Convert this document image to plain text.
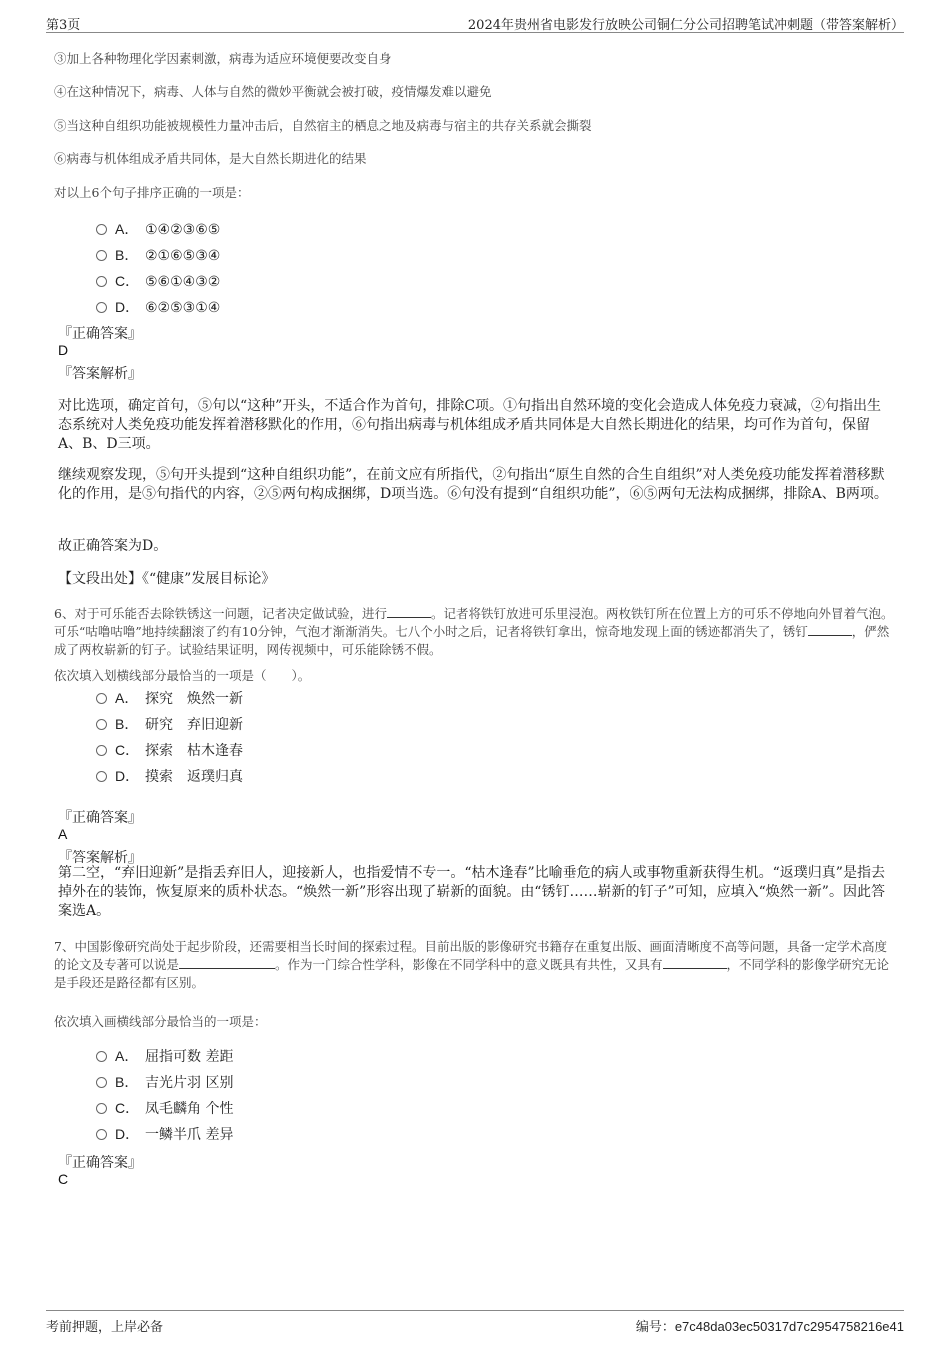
第3页	2024年贵州省电影发行放映公司铜仁分公司招聘笔试冲刺题（带答案解析）
③加上各种物理化学因素刺激，病毒为适应环境便要改变自身
④在这种情况下，病毒、人体与自然的微妙平衡就会被打破，疫情爆发难以避免
⑤当这种自组织功能被规模性力量冲击后，自然宿主的栖息之地及病毒与宿主的共存关系就会撕裂
⑥病毒与机体组成矛盾共同体，是大自然长期进化的结果
对以上6个句子排序正确的一项是：
A． ①④②③⑥⑤
B． ②①⑥⑤③④
C． ⑤⑥①④③②
D． ⑥②⑤③①④
『正确答案』
D
『答案解析』
对比选项，确定首句，⑤句以“这种”开头，不适合作为首句，排除C项。①句指出自然环境的变化会造成人体免疫力衰减，②句指出生态系统对人类免疫功能发挥着潜移默化的作用，⑥句指出病毒与机体组成矛盾共同体是大自然长期进化的结果，均可作为首句，保留A、B、D三项。
继续观察发现，⑤句开头提到“这种自组织功能”，在前文应有所指代，②句指出“原生自然的合生自组织”对人类免疫功能发挥着潜移默化的作用，是⑤句指代的内容，②⑤两句构成捆绑，D项当选。⑥句没有提到“自组织功能”，⑥⑤两句无法构成捆绑，排除A、B两项。
故正确答案为D。
【文段出处】《“健康”发展目标论》
6、对于可乐能否去除铁锈这一问题，记者决定做试验，进行	。记者将铁钉放进可乐里浸泡。两枚铁钉所在位置上方的可乐不停地向外冒着气泡。可乐“咕噜咕噜”地持续翻滚了约有10分钟，气泡才渐渐消失。七八个小时之后，记者将铁钉拿出，惊奇地发现上面的锈迹都消失了，锈钉	，俨然成了两枚崭新的钉子。试验结果证明，网传视频中，可乐能除锈不假。
依次填入划横线部分最恰当的一项是（　　）。
A． 探究　焕然一新
B． 研究　弃旧迎新
C． 探索　枯木逢春
D． 摸索　返璞归真
『正确答案』
A
『答案解析』
第二空，“弃旧迎新”是指丢弃旧人，迎接新人，也指爱情不专一。“枯木逢春”比喻垂危的病人或事物重新获得生机。“返璞归真”是指去掉外在的装饰，恢复原来的质朴状态。“焕然一新”形容出现了崭新的面貌。由“锈钉……崭新的钉子”可知，应填入“焕然一新”。因此答案选A。
7、中国影像研究尚处于起步阶段，还需要相当长时间的探索过程。目前出版的影像研究书籍存在重复出版、画面清晰度不高等问题，具备一定学术高度的论文及专著可以说是	。作为一门综合性学科，影像在不同学科中的意义既具有共性，又具有	，不同学科的影像学研究无论是手段还是路径都有区别。
依次填入画横线部分最恰当的一项是：
A． 屈指可数 差距
B． 吉光片羽 区别
C． 凤毛麟角 个性
D． 一鳞半爪 差异
『正确答案』
C
考前押题，上岸必备	编号：e7c48da03ec50317d7c2954758216e41
